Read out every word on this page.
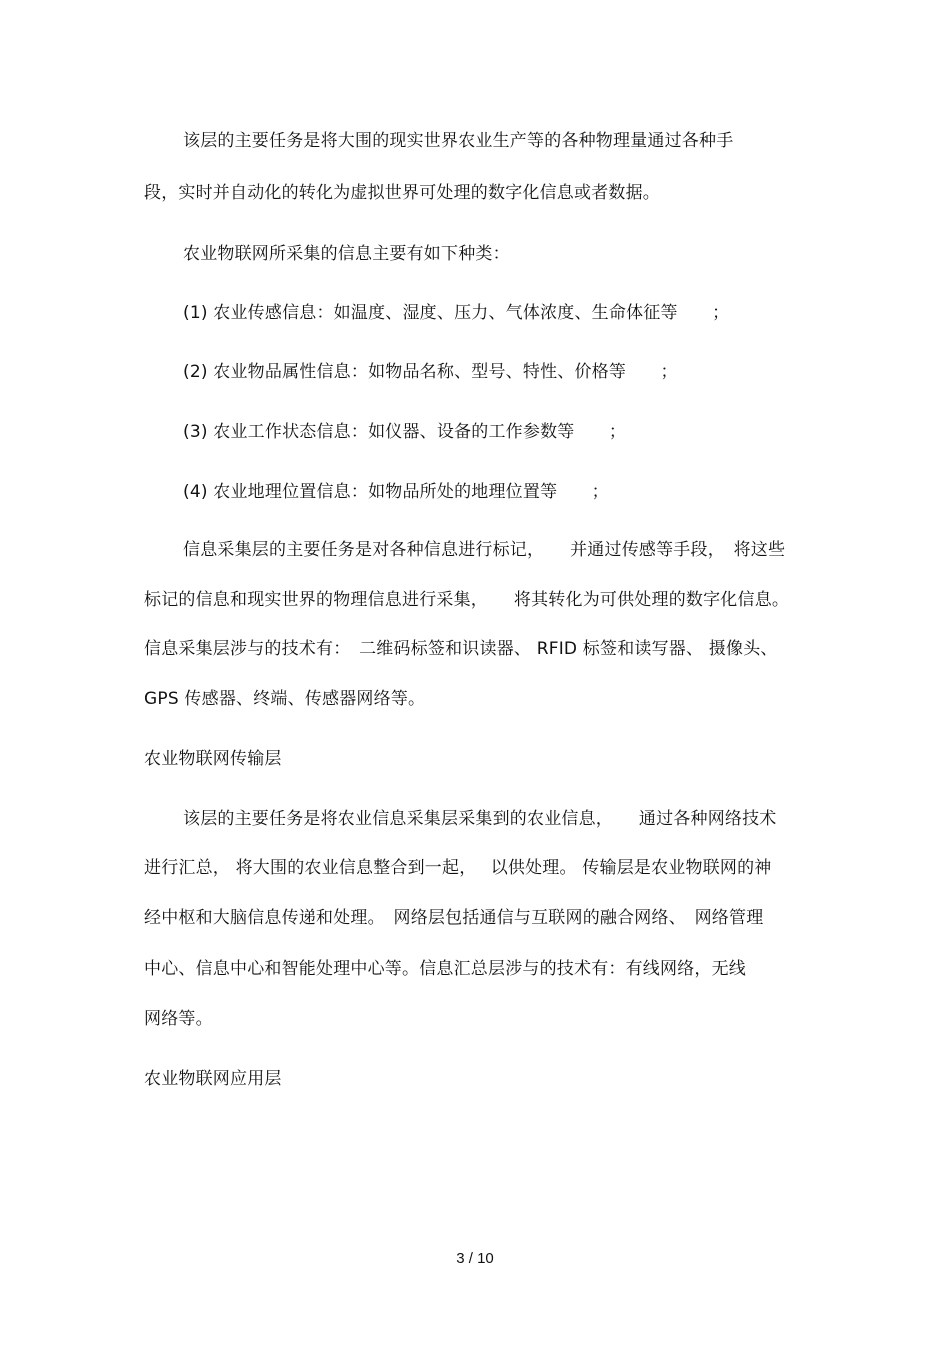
该层的主要任务是将大围的现实世界农业生产等的各种物理量通过各种手
段，实时并自动化的转化为虚拟世界可处理的数字化信息或者数据。
农业物联网所采集的信息主要有如下种类：
(1) 农业传感信息：如温度、湿度、压力、气体浓度、生命体征等　　；
(2) 农业物品属性信息：如物品名称、型号、特性、价格等　　；
(3) 农业工作状态信息：如仪器、设备的工作参数等　　；
(4) 农业地理位置信息：如物品所处的地理位置等　　；
信息采集层的主要任务是对各种信息进行标记，　　并通过传感等手段，　将这些
标记的信息和现实世界的物理信息进行采集，　　将其转化为可供处理的数字化信息。
信息采集层涉与的技术有：　二维码标签和识读器、 RFID 标签和读写器、 摄像头、
GPS 传感器、终端、传感器网络等。
农业物联网传输层
该层的主要任务是将农业信息采集层采集到的农业信息，　　通过各种网络技术
进行汇总， 将大围的农业信息整合到一起，　 以供处理。 传输层是农业物联网的神
经中枢和大脑信息传递和处理。　网络层包括通信与互联网的融合网络、　网络管理
中心、信息中心和智能处理中心等。信息汇总层涉与的技术有：有线网络，无线
网络等。
农业物联网应用层
3 / 10
